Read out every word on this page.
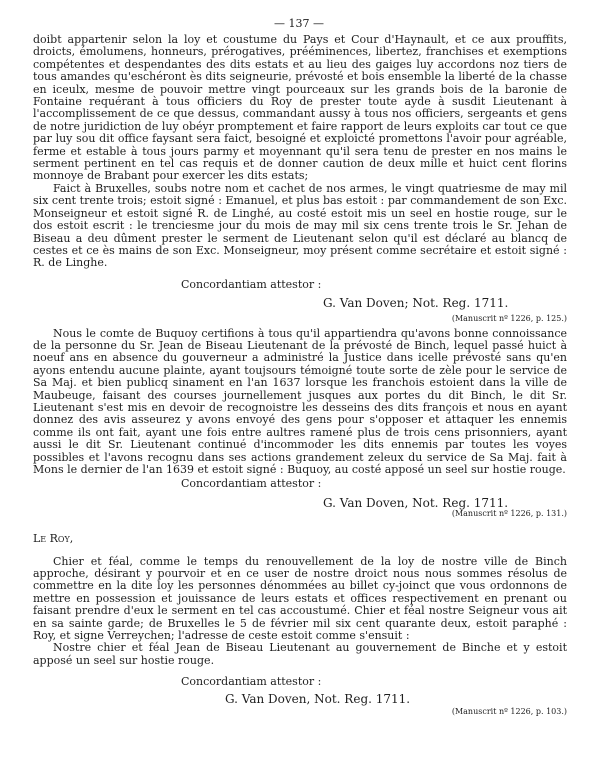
— 137 —

doibt appartenir selon la loy et coustume du Pays et Cour d'Haynault, et ce aux prouffits, droicts, émolumens, honneurs, prérogatives, prééminences, libertez, franchises et exemptions compétentes et despendantes des dits estats et au lieu des gaiges luy accordons noz tiers de tous amandes qu'eschéront ès dits seigneurie, prévosté et bois ensemble la liberté de la chasse en iceulx, mesme de pouvoir mettre vingt pourceaux sur les grands bois de la baronie de Fontaine requérant à tous officiers du Roy de prester toute ayde à susdit Lieutenant à l'accomplissement de ce que dessus, commandant aussy à tous nos officiers, sergeants et gens de notre juridiction de luy obéyr promptement et faire rapport de leurs exploits car tout ce que par luy sou dit office faysant sera faict, besoigné et exploicté promettons l'avoir pour agréable, ferme et estable à tous jours parmy et moyennant qu'il sera tenu de prester en nos mains le serment pertinent en tel cas requis et de donner caution de deux mille et huict cent florins monnoye de Brabant pour exercer les dits estats;

Faict à Bruxelles, soubs notre nom et cachet de nos armes, le vingt quatriesme de may mil six cent trente trois; estoit signé : Emanuel, et plus bas estoit : par commandement de son Exc. Monseigneur et estoit signé R. de Linghé, au costé estoit mis un seel en hostie rouge, sur le dos estoit escrit : le trenciesme jour du mois de may mil six cens trente trois le Sr. Jehan de Biseau a deu dûment prester le serment de Lieutenant selon qu'il est déclaré au blancq de cestes et ce ès mains de son Exc. Monseigneur, moy présent comme secrétaire et estoit signé : R. de Linghe.

Concordantiam attestor :

G. Van Doven; Not. Reg. 1711.

(Manuscrit nº 1226, p. 125.)

Nous le comte de Buquoy certifions à tous qu'il appartiendra qu'avons bonne connoissance de la personne du Sr. Jean de Biseau Lieutenant de la prévosté de Binch, lequel passé huict à noeuf ans en absence du gouverneur a administré la Justice dans icelle prévosté sans qu'en ayons entendu aucune plainte, ayant toujsours témoigné toute sorte de zèle pour le service de Sa Maj. et bien publicq sinament en l'an 1637 lorsque les franchois estoient dans la ville de Maubeuge, faisant des courses journellement jusques aux portes du dit Binch, le dit Sr. Lieutenant s'est mis en devoir de recognoistre les desseins des dits françois et nous en ayant donnez des avis asseurez y avons envoyé des gens pour s'opposer et attaquer les ennemis comme ils ont fait, ayant une fois entre aultres ramené plus de trois cens prisonniers, ayant aussi le dit Sr. Lieutenant continué d'incommoder les dits ennemis par toutes les voyes possibles et l'avons recognu dans ses actions grandement zeleux du service de Sa Maj. fait à Mons le dernier de l'an 1639 et estoit signé : Buquoy, au costé apposé un seel sur hostie rouge.

Concordantiam attestor :

G. Van Doven, Not. Reg. 1711.

(Manuscrit nº 1226, p. 131.)

Le Roy,

Chier et féal, comme le temps du renouvellement de la loy de nostre ville de Binch approche, désirant y pourvoir et en ce user de nostre droict nous nous sommes résolus de commettre en la dite loy les personnes dénommées au billet cy-joinct que vous ordonnons de mettre en possession et jouissance de leurs estats et offices respectivement en prenant ou faisant prendre d'eux le serment en tel cas accoustumé. Chier et féal nostre Seigneur vous ait en sa sainte garde; de Bruxelles le 5 de février mil six cent quarante deux, estoit paraphé : Roy, et signe Verreychen; l'adresse de ceste estoit comme s'ensuit :

Nostre chier et féal Jean de Biseau Lieutenant au gouvernement de Binche et y estoit apposé un seel sur hostie rouge.

Concordantiam attestor :

G. Van Doven, Not. Reg. 1711.

(Manuscrit nº 1226, p. 103.)
